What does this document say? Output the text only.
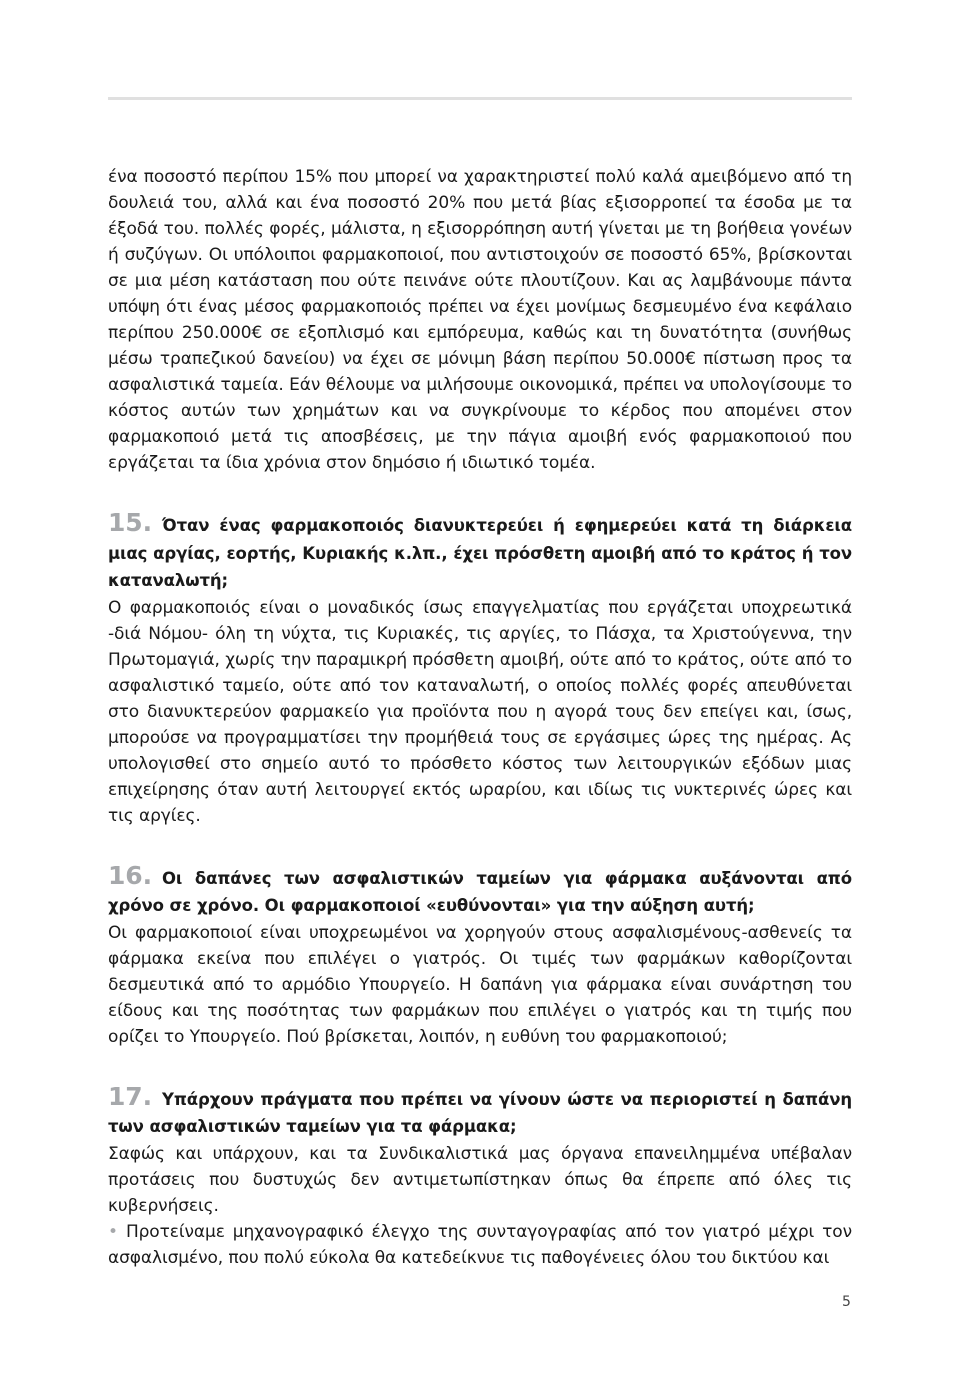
ένα ποσοστό περίπου 15% που μπορεί να χαρακτηριστεί πολύ καλά αμειβόμενο από τη δουλειά του, αλλά και ένα ποσοστό 20% που μετά βίας εξισορροπεί τα έσοδα με τα έξοδά του. πολλές φορές, μάλιστα, η εξισορρόπηση αυτή γίνεται με τη βοήθεια γονέων ή συζύγων. Οι υπόλοιποι φαρμακοποιοί, που αντιστοιχούν σε ποσοστό 65%, βρίσκονται σε μια μέση κατάσταση που ούτε πεινάνε ούτε πλουτίζουν. Και ας λαμβάνουμε πάντα υπόψη ότι ένας μέσος φαρμακοποιός πρέπει να έχει μονίμως δεσμευμένο ένα κεφάλαιο περίπου 250.000€ σε εξοπλισμό και εμπόρευμα, καθώς και τη δυνατότητα (συνήθως μέσω τραπεζικού δανείου) να έχει σε μόνιμη βάση περίπου 50.000€ πίστωση προς τα ασφαλιστικά ταμεία. Εάν θέλουμε να μιλήσουμε οικονομικά, πρέπει να υπολογίσουμε το κόστος αυτών των χρημάτων και να συγκρίνουμε το κέρδος που απομένει στον φαρμακοποιό μετά τις αποσβέσεις, με την πάγια αμοιβή ενός φαρμακοποιού που εργάζεται τα ίδια χρόνια στον δημόσιο ή ιδιωτικό τομέα.

15. Όταν ένας φαρμακοποιός διανυκτερεύει ή εφημερεύει κατά τη διάρκεια μιας αργίας, εορτής, Κυριακής κ.λπ., έχει πρόσθετη αμοιβή από το κράτος ή τον καταναλωτή;

Ο φαρμακοποιός είναι ο μοναδικός ίσως επαγγελματίας που εργάζεται υποχρεωτικά -διά Νόμου- όλη τη νύχτα, τις Κυριακές, τις αργίες, το Πάσχα, τα Χριστούγεννα, την Πρωτομαγιά, χωρίς την παραμικρή πρόσθετη αμοιβή, ούτε από το κράτος, ούτε από το ασφαλιστικό ταμείο, ούτε από τον καταναλωτή, ο οποίος πολλές φορές απευθύνεται στο διανυκτερεύον φαρμακείο για προϊόντα που η αγορά τους δεν επείγει και, ίσως, μπορούσε να προγραμματίσει την προμήθειά τους σε εργάσιμες ώρες της ημέρας. Ας υπολογισθεί στο σημείο αυτό το πρόσθετο κόστος των λειτουργικών εξόδων μιας επιχείρησης όταν αυτή λειτουργεί εκτός ωραρίου, και ιδίως τις νυκτερινές ώρες και τις αργίες.

16. Οι δαπάνες των ασφαλιστικών ταμείων για φάρμακα αυξάνονται από χρόνο σε χρόνο. Οι φαρμακοποιοί «ευθύνονται» για την αύξηση αυτή;

Οι φαρμακοποιοί είναι υποχρεωμένοι να χορηγούν στους ασφαλισμένους-ασθενείς τα φάρμακα εκείνα που επιλέγει ο γιατρός. Οι τιμές των φαρμάκων καθορίζονται δεσμευτικά από το αρμόδιο Υπουργείο. Η δαπάνη για φάρμακα είναι συνάρτηση του είδους και της ποσότητας των φαρμάκων που επιλέγει ο γιατρός και τη τιμής που ορίζει το Υπουργείο. Πού βρίσκεται, λοιπόν, η ευθύνη του φαρμακοποιού;

17. Υπάρχουν πράγματα που πρέπει να γίνουν ώστε να περιοριστεί η δαπάνη των ασφαλιστικών ταμείων για τα φάρμακα;

Σαφώς και υπάρχουν, και τα Συνδικαλιστικά μας όργανα επανειλημμένα υπέβαλαν προτάσεις που δυστυχώς δεν αντιμετωπίστηκαν όπως θα έπρεπε από όλες τις κυβερνήσεις.

• Προτείναμε μηχανογραφικό έλεγχο της συνταγογραφίας από τον γιατρό μέχρι τον ασφαλισμένο, που πολύ εύκολα θα κατεδείκνυε τις παθογένειες όλου του δικτύου και

5
